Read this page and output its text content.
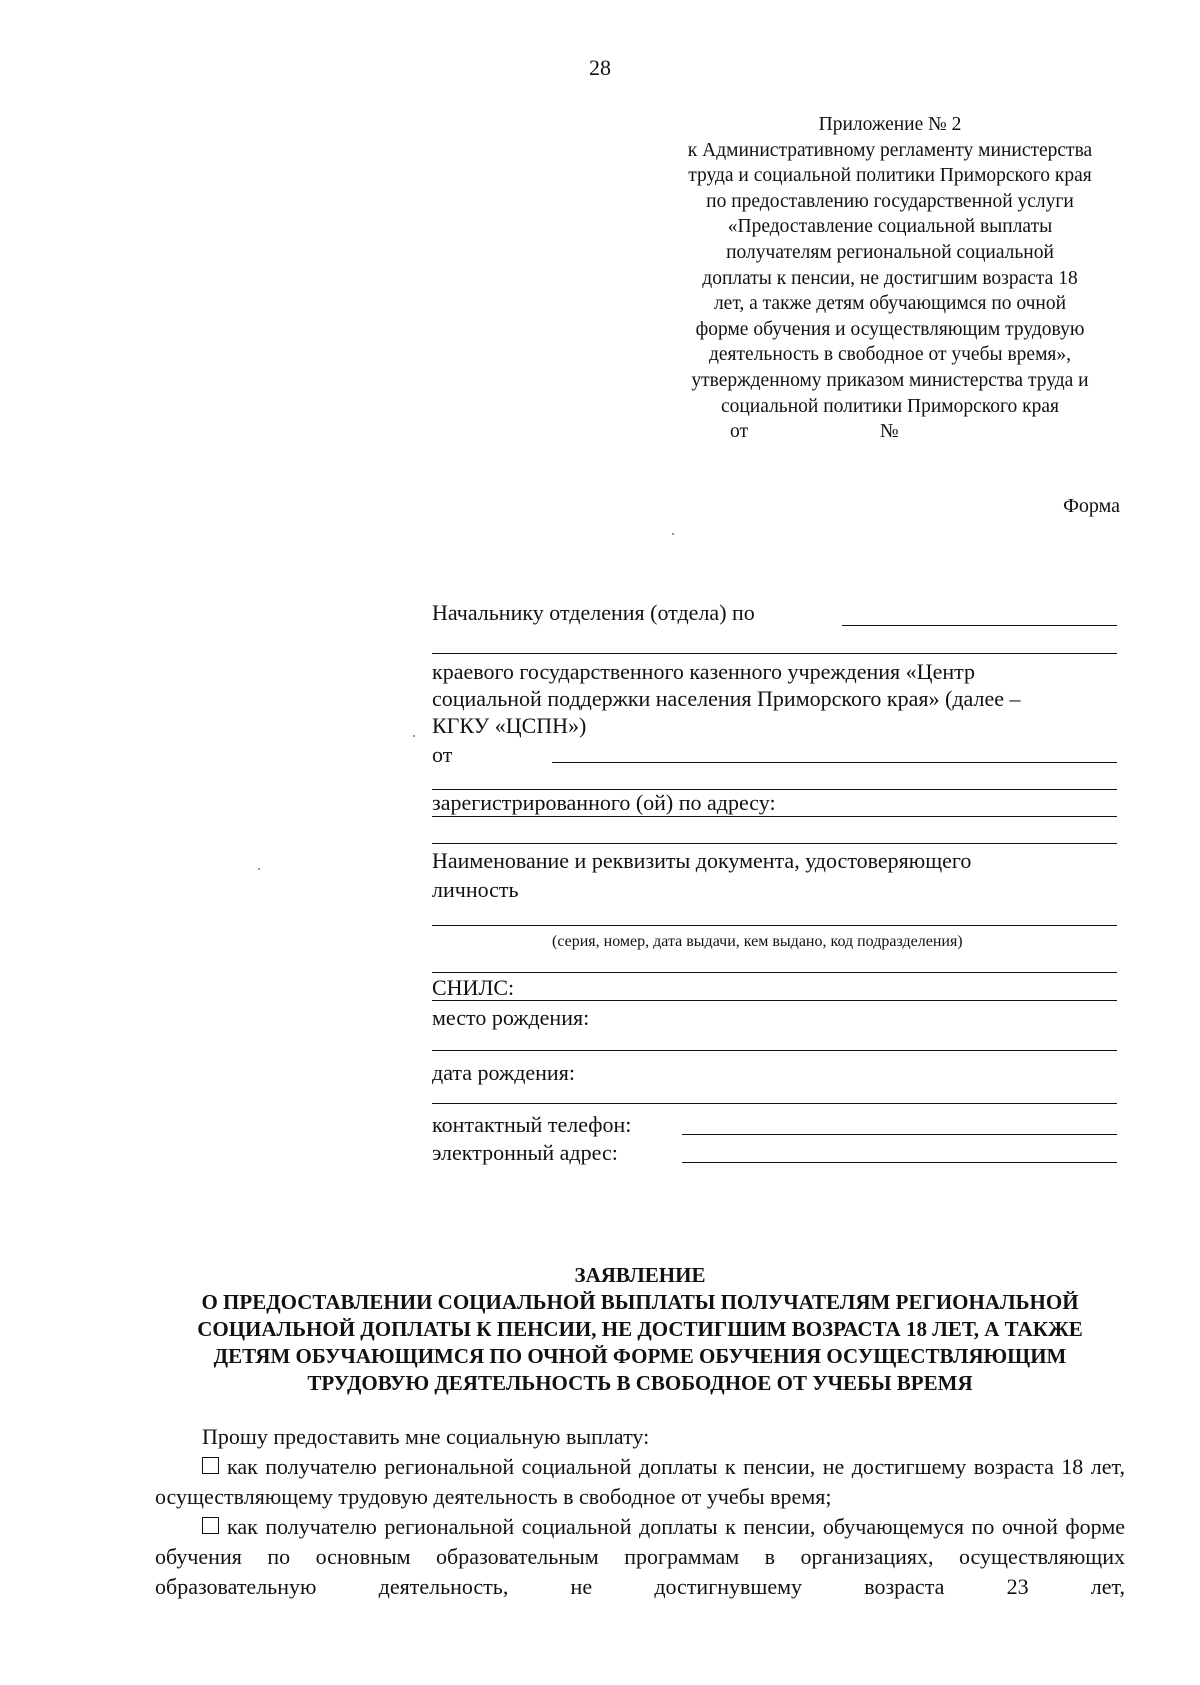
28
Приложение № 2
к Административному регламенту министерства
труда и социальной политики Приморского края
по предоставлению государственной услуги
«Предоставление социальной выплаты
получателям региональной социальной
доплаты к пенсии, не достигшим возраста 18
лет, а также детям обучающимся по очной
форме обучения и осуществляющим трудовую
деятельность в свободное от учебы время»,
утвержденному приказом министерства труда и
социальной политики Приморского края
от	№
Форма
Начальнику отделения (отдела) по
краевого государственного казенного учреждения «Центр
социальной поддержки населения Приморского края» (далее –
КГКУ «ЦСПН»)
от
зарегистрированного (ой) по адресу:
Наименование и реквизиты документа, удостоверяющего
личность
(серия, номер, дата выдачи, кем выдано, код подразделения)
СНИЛС:
место рождения:
дата рождения:
контактный телефон:
электронный адрес:
ЗАЯВЛЕНИЕ
О ПРЕДОСТАВЛЕНИИ СОЦИАЛЬНОЙ ВЫПЛАТЫ ПОЛУЧАТЕЛЯМ РЕГИОНАЛЬНОЙ
СОЦИАЛЬНОЙ ДОПЛАТЫ К ПЕНСИИ, НЕ ДОСТИГШИМ ВОЗРАСТА 18 ЛЕТ, А ТАКЖЕ
ДЕТЯМ ОБУЧАЮЩИМСЯ ПО ОЧНОЙ ФОРМЕ ОБУЧЕНИЯ ОСУЩЕСТВЛЯЮЩИМ
ТРУДОВУЮ ДЕЯТЕЛЬНОСТЬ В СВОБОДНОЕ ОТ УЧЕБЫ ВРЕМЯ

Прошу предоставить мне социальную выплату:

как получателю региональной социальной доплаты к пенсии, не достигшему возраста 18 лет, осуществляющему трудовую деятельность в свободное от учебы время;

как получателю региональной социальной доплаты к пенсии, обучающемуся по очной форме обучения по основным образовательным программам в организациях, осуществляющих образовательную деятельность, не достигнувшему возраста 23 лет,
